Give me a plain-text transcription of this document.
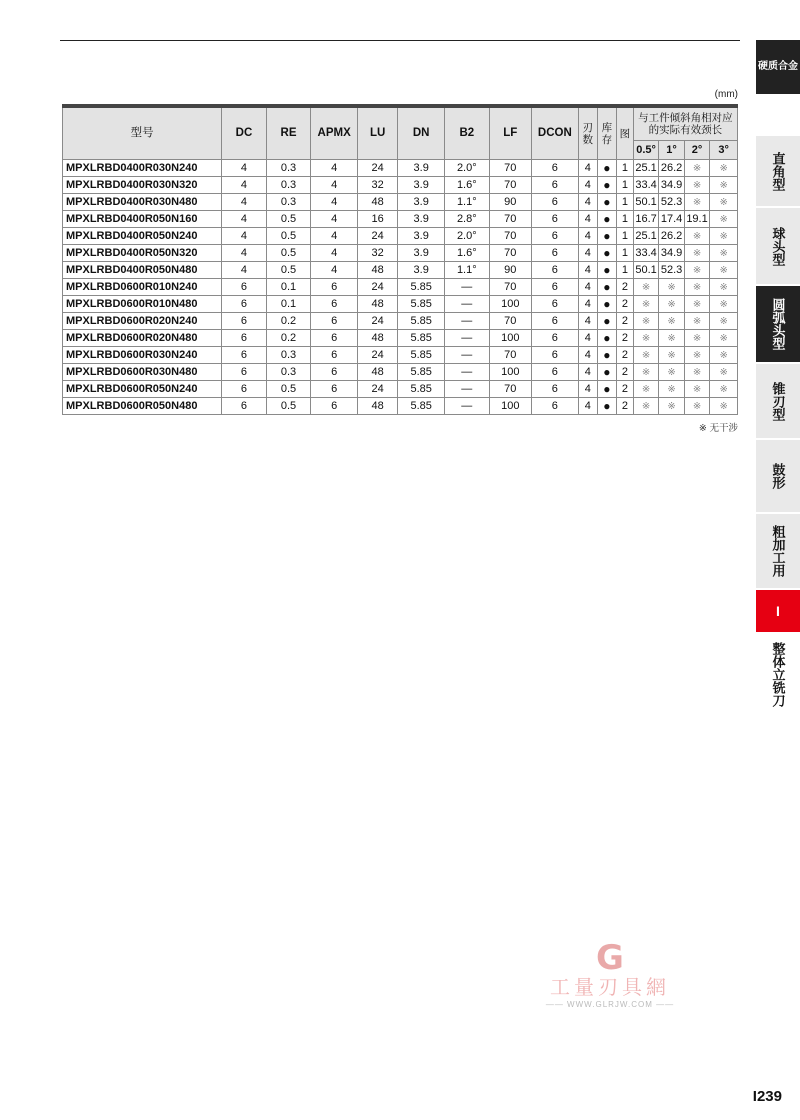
(mm)
型号	DC	RE	APMX	LU	DN	B2	LF	DCON	刃数	库存	图	与工件倾斜角相对应的实际有效颈长			
												0.5°	1°	2°	3°
MPXLRBD0400R030N240	4	0.3	4	24	3.9	2.0°	70	6	4	●	1	25.1	26.2	※	※
MPXLRBD0400R030N320	4	0.3	4	32	3.9	1.6°	70	6	4	●	1	33.4	34.9	※	※
MPXLRBD0400R030N480	4	0.3	4	48	3.9	1.1°	90	6	4	●	1	50.1	52.3	※	※
MPXLRBD0400R050N160	4	0.5	4	16	3.9	2.8°	70	6	4	●	1	16.7	17.4	19.1	※
MPXLRBD0400R050N240	4	0.5	4	24	3.9	2.0°	70	6	4	●	1	25.1	26.2	※	※
MPXLRBD0400R050N320	4	0.5	4	32	3.9	1.6°	70	6	4	●	1	33.4	34.9	※	※
MPXLRBD0400R050N480	4	0.5	4	48	3.9	1.1°	90	6	4	●	1	50.1	52.3	※	※
MPXLRBD0600R010N240	6	0.1	6	24	5.85	—	70	6	4	●	2	※	※	※	※
MPXLRBD0600R010N480	6	0.1	6	48	5.85	—	100	6	4	●	2	※	※	※	※
MPXLRBD0600R020N240	6	0.2	6	24	5.85	—	70	6	4	●	2	※	※	※	※
MPXLRBD0600R020N480	6	0.2	6	48	5.85	—	100	6	4	●	2	※	※	※	※
MPXLRBD0600R030N240	6	0.3	6	24	5.85	—	70	6	4	●	2	※	※	※	※
MPXLRBD0600R030N480	6	0.3	6	48	5.85	—	100	6	4	●	2	※	※	※	※
MPXLRBD0600R050N240	6	0.5	6	24	5.85	—	70	6	4	●	2	※	※	※	※
MPXLRBD0600R050N480	6	0.5	6	48	5.85	—	100	6	4	●	2	※	※	※	※
※ 无干涉
硬质合金
直角型
球头型
圆弧头型
锥刃型
鼓形
粗加工用
I
整体立铣刀
G
工量刃具網
—— WWW.GLRJW.COM ——
I239
